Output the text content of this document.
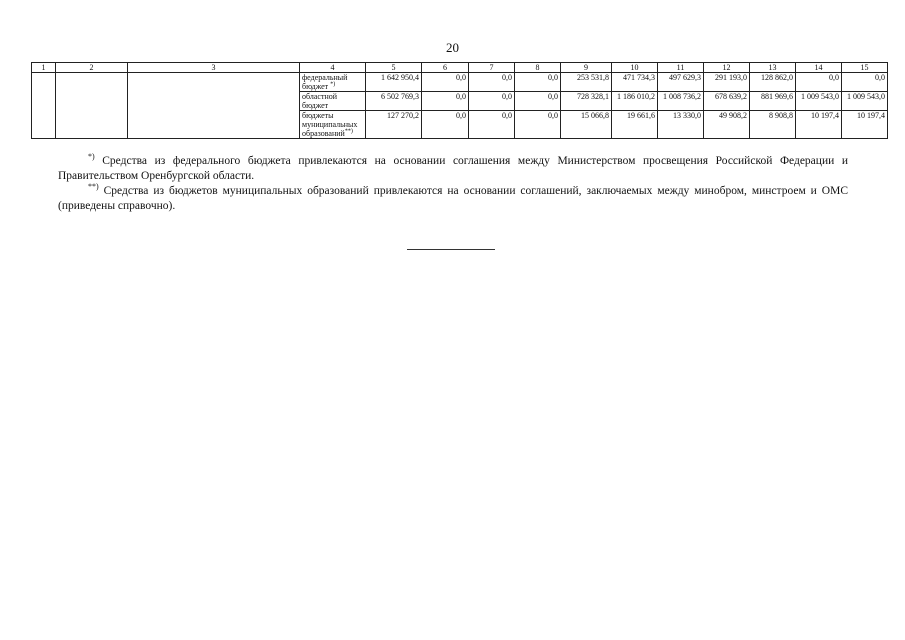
20
1	2	3	4	5	6	7	8	9	10	11	12	13	14	15
			федеральный бюджет *)	1 642 950,4	0,0	0,0	0,0	253 531,8	471 734,3	497 629,3	291 193,0	128 862,0	0,0	0,0
			областной бюджет	6 502 769,3	0,0	0,0	0,0	728 328,1	1 186 010,2	1 008 736,2	678 639,2	881 969,6	1 009 543,0	1 009 543,0
			бюджеты муниципальных образований**)	127 270,2	0,0	0,0	0,0	15 066,8	19 661,6	13 330,0	49 908,2	8 908,8	10 197,4	10 197,4

*) Средства из федерального бюджета привлекаются на основании соглашения между Министерством просвещения Российской Федерации и Правительством Оренбургской области.

**) Средства из бюджетов муниципальных образований привлекаются на основании соглашений, заключаемых между минобром, минстроем и ОМС (приведены справочно).
